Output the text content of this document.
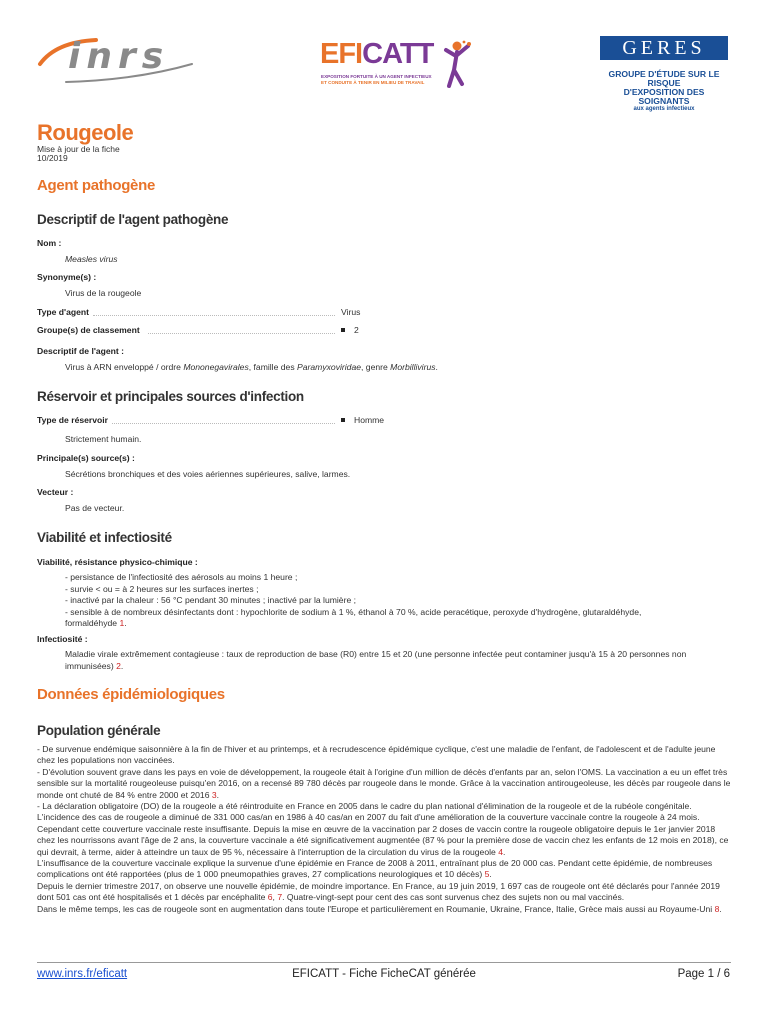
inrs	EFICATT
EXPOSITION FORTUITE À UN AGENT INFECTIEUX
ET CONDUITE À TENIR EN MILIEU DE TRAVAIL
GERES
GROUPE D'ÉTUDE SUR LE RISQUE
D'EXPOSITION DES SOIGNANTS
aux agents infectieux
Rougeole
Mise à jour de la fiche
10/2019
Agent pathogène
Descriptif de l'agent pathogène
Nom :
Measles virus
Synonyme(s) :
Virus de la rougeole
Type d'agent	Virus
Groupe(s) de classement	2
Descriptif de l'agent :
Virus à ARN enveloppé / ordre Mononegavirales, famille des Paramyxoviridae, genre Morbillivirus.
Réservoir et principales sources d'infection
Type de réservoir	Homme
Strictement humain.
Principale(s) source(s) :
Sécrétions bronchiques et des voies aériennes supérieures, salive, larmes.
Vecteur :
Pas de vecteur.
Viabilité et infectiosité
Viabilité, résistance physico-chimique :
- persistance de l'infectiosité des aérosols au moins 1 heure ;
- survie < ou = à 2 heures sur les surfaces inertes ;
- inactivé par la chaleur : 56 °C pendant 30 minutes ; inactivé par la lumière ;
- sensible à de nombreux désinfectants dont : hypochlorite de sodium à 1 %, éthanol à 70 %, acide peracétique, peroxyde d'hydrogène, glutaraldéhyde,
formaldéhyde 1.
Infectiosité :
Maladie virale extrêmement contagieuse : taux de reproduction de base (R0) entre 15 et 20 (une personne infectée peut contaminer jusqu'à 15 à 20 personnes non
immunisées) 2.
Données épidémiologiques
Population générale

- De survenue endémique saisonnière à la fin de l'hiver et au printemps, et à recrudescence épidémique cyclique, c'est une maladie de l'enfant, de l'adolescent et de l'adulte jeune chez les populations non vaccinées.

- D'évolution souvent grave dans les pays en voie de développement, la rougeole était à l'origine d'un million de décès d'enfants par an, selon l'OMS. La vaccination a eu un effet très sensible sur la mortalité rougeoleuse puisqu'en 2016, on a recensé 89 780 décès par rougeole dans le monde. Grâce à la vaccination antirougeoleuse, les décès par rougeole dans le monde ont chuté de 84 % entre 2000 et 2016 3.

- La déclaration obligatoire (DO) de la rougeole a été réintroduite en France en 2005 dans le cadre du plan national d'élimination de la rougeole et de la rubéole congénitale. L'incidence des cas de rougeole a diminué de 331 000 cas/an en 1986 à 40 cas/an en 2007 du fait d'une amélioration de la couverture vaccinale contre la rougeole à 24 mois. Cependant cette couverture vaccinale reste insuffisante. Depuis la mise en œuvre de la vaccination par 2 doses de vaccin contre la rougeole obligatoire depuis le 1er janvier 2018 chez les nourrissons avant l'âge de 2 ans, la couverture vaccinale a été significativement augmentée (87 % pour la première dose de vaccin chez les enfants de 12 mois en 2018), ce qui devrait, à terme, aider à atteindre un taux de 95 %, nécessaire à l'interruption de la circulation du virus de la rougeole 4.

L'insuffisance de la couverture vaccinale explique la survenue d'une épidémie en France de 2008 à 2011, entraînant plus de 20 000 cas. Pendant cette épidémie, de nombreuses complications ont été rapportées (plus de 1 000 pneumopathies graves, 27 complications neurologiques et 10 décès) 5.

Depuis le dernier trimestre 2017, on observe une nouvelle épidémie, de moindre importance. En France, au 19 juin 2019, 1 697 cas de rougeole ont été déclarés pour l'année 2019 dont 501 cas ont été hospitalisés et 1 décès par encéphalite 6, 7. Quatre-vingt-sept pour cent des cas sont survenus chez des sujets non ou mal vaccinés.

Dans le même temps, les cas de rougeole sont en augmentation dans toute l'Europe et particulièrement en Roumanie, Ukraine, France, Italie, Grèce mais aussi au Royaume-Uni 8.

EFICATT - Fiche FicheCAT générée
www.inrs.fr/eficatt	Page 1 / 6
